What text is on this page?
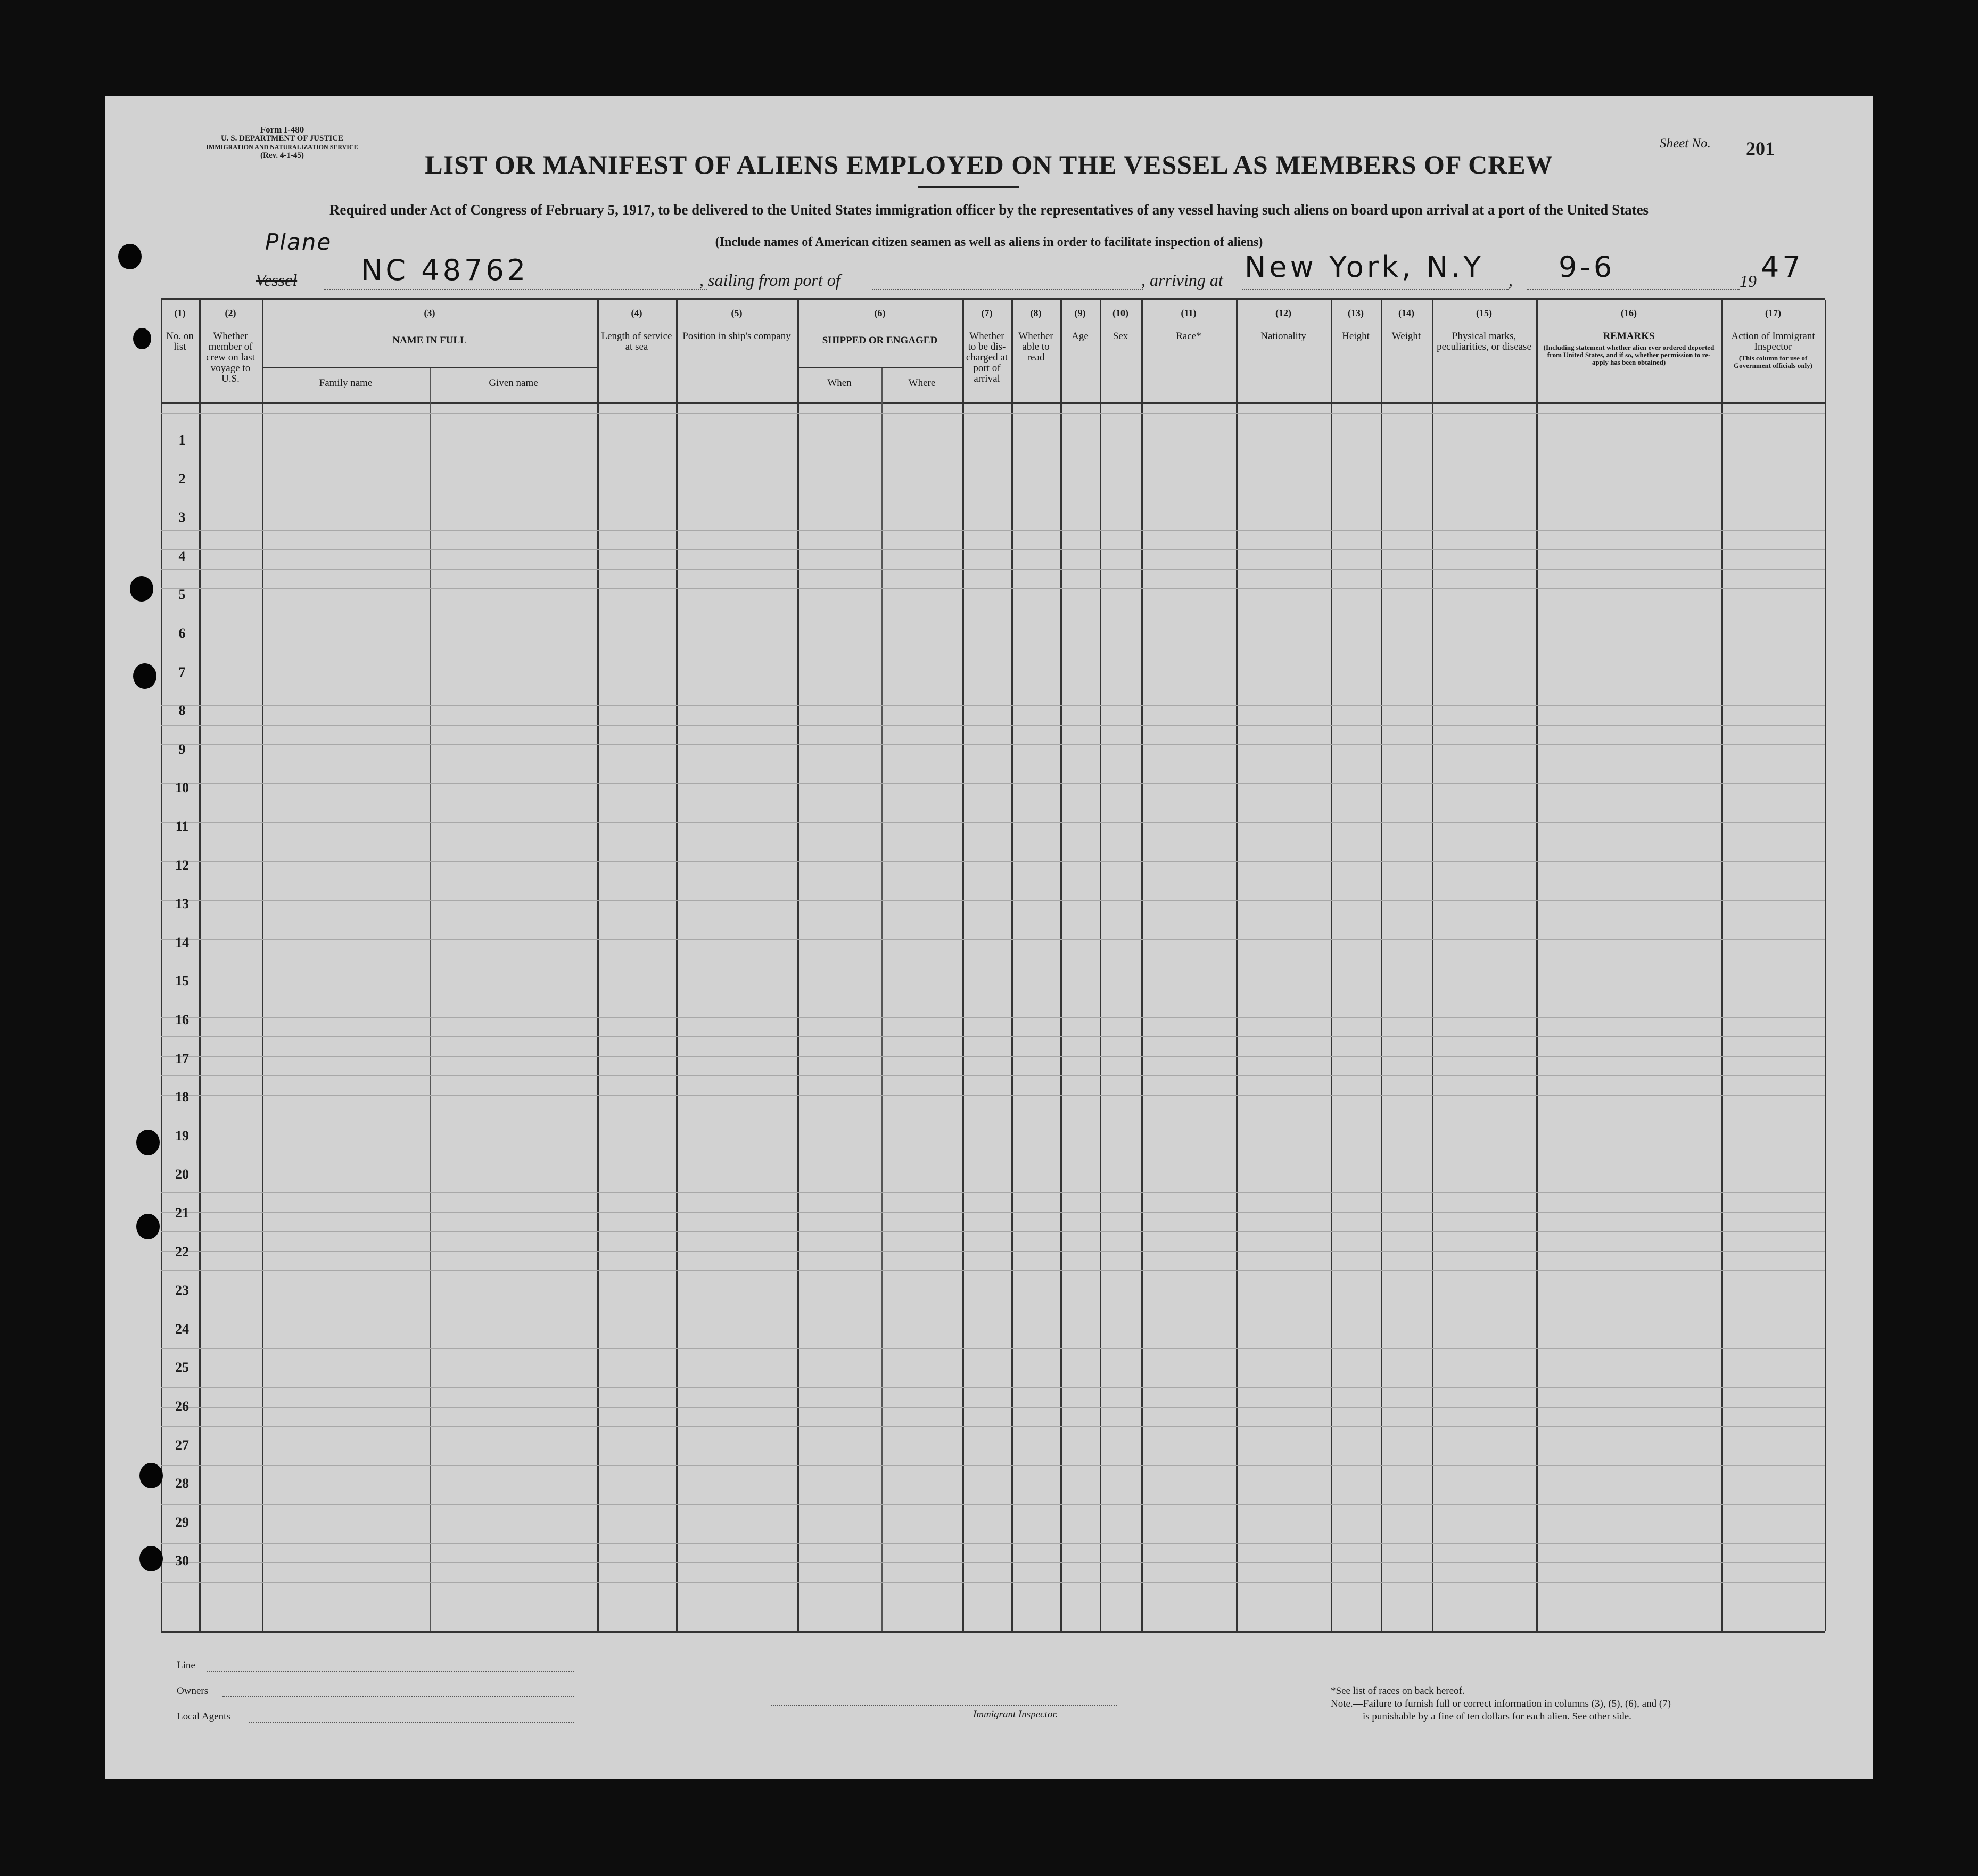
Form I-480
U. S. DEPARTMENT OF JUSTICE
IMMIGRATION AND NATURALIZATION SERVICE
(Rev. 4-1-45)
Sheet No. 201
LIST OR MANIFEST OF ALIENS EMPLOYED ON THE VESSEL AS MEMBERS OF CREW
Required under Act of Congress of February 5, 1917, to be delivered to the United States immigration officer by the representatives of any vessel having such aliens on board upon arrival at a port of the United States
(Include names of American citizen seamen as well as aliens in order to facilitate inspection of aliens)
Plane
Vessel NC 48762	, sailing from port of	, arriving at New York, N.Y , 9-6	19 47
(1)
No. on list
(2)
Whether member of crew on last voyage to U.S.
(3)
NAME IN FULL
Family name	Given name
(4)
Length of service at sea
(5)
Position in ship's company
(6)
SHIPPED OR ENGAGED
When	Where
(7)
Whether to be dis-charged at port of arrival
(8)
Whether able to read
(9)
Age
(10)
Sex
(11)
Race*
(12)
Nationality
(13)
Height
(14)
Weight
(15)
Physical marks, peculiarities, or disease
(16)
REMARKS
(Including statement whether alien ever ordered deported from United States, and if so, whether permission to re-apply has been obtained)
(17)
Action of Immigrant Inspector
(This column for use of Government officials only)
1
2
3
4
5
6
7
8
9
10
11
12
13
14
15
16
17
18
19
20
21
22
23
24
25
26
27
28
29
30
Line
Owners
Local Agents	Immigrant Inspector.
*See list of races on back hereof.
Note.—Failure to furnish full or correct information in columns (3), (5), (6), and (7)
is punishable by a fine of ten dollars for each alien. See other side.
